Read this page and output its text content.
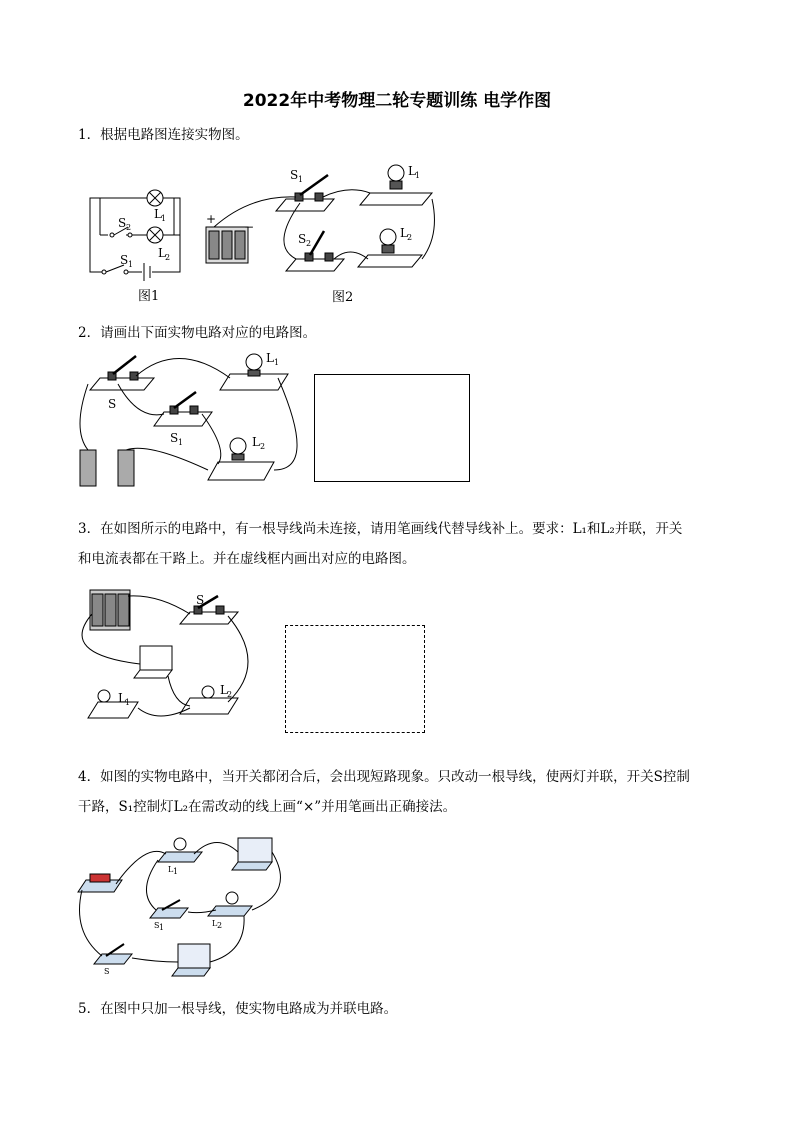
2022年中考物理二轮专题训练 电学作图
1．根据电路图连接实物图。
S 2
L 1
L 2
S 1
图1
+
−
S 1
L 1
S 2
L 2
图2
2．请画出下面实物电路对应的电路图。
S
S 1
L 1
L 2
3．在如图所示的电路中，有一根导线尚未连接，请用笔画线代替导线补上。要求：L₁和L₂并联，开关
和电流表都在干路上。并在虚线框内画出对应的电路图。
S
L 1
L 2
4．如图的实物电路中，当开关都闭合后，会出现短路现象。只改动一根导线，使两灯并联，开关S控制
干路，S₁控制灯L₂在需改动的线上画“×”并用笔画出正确接法。
L 1
S 1	L 2
S
5．在图中只加一根导线，使实物电路成为并联电路。
